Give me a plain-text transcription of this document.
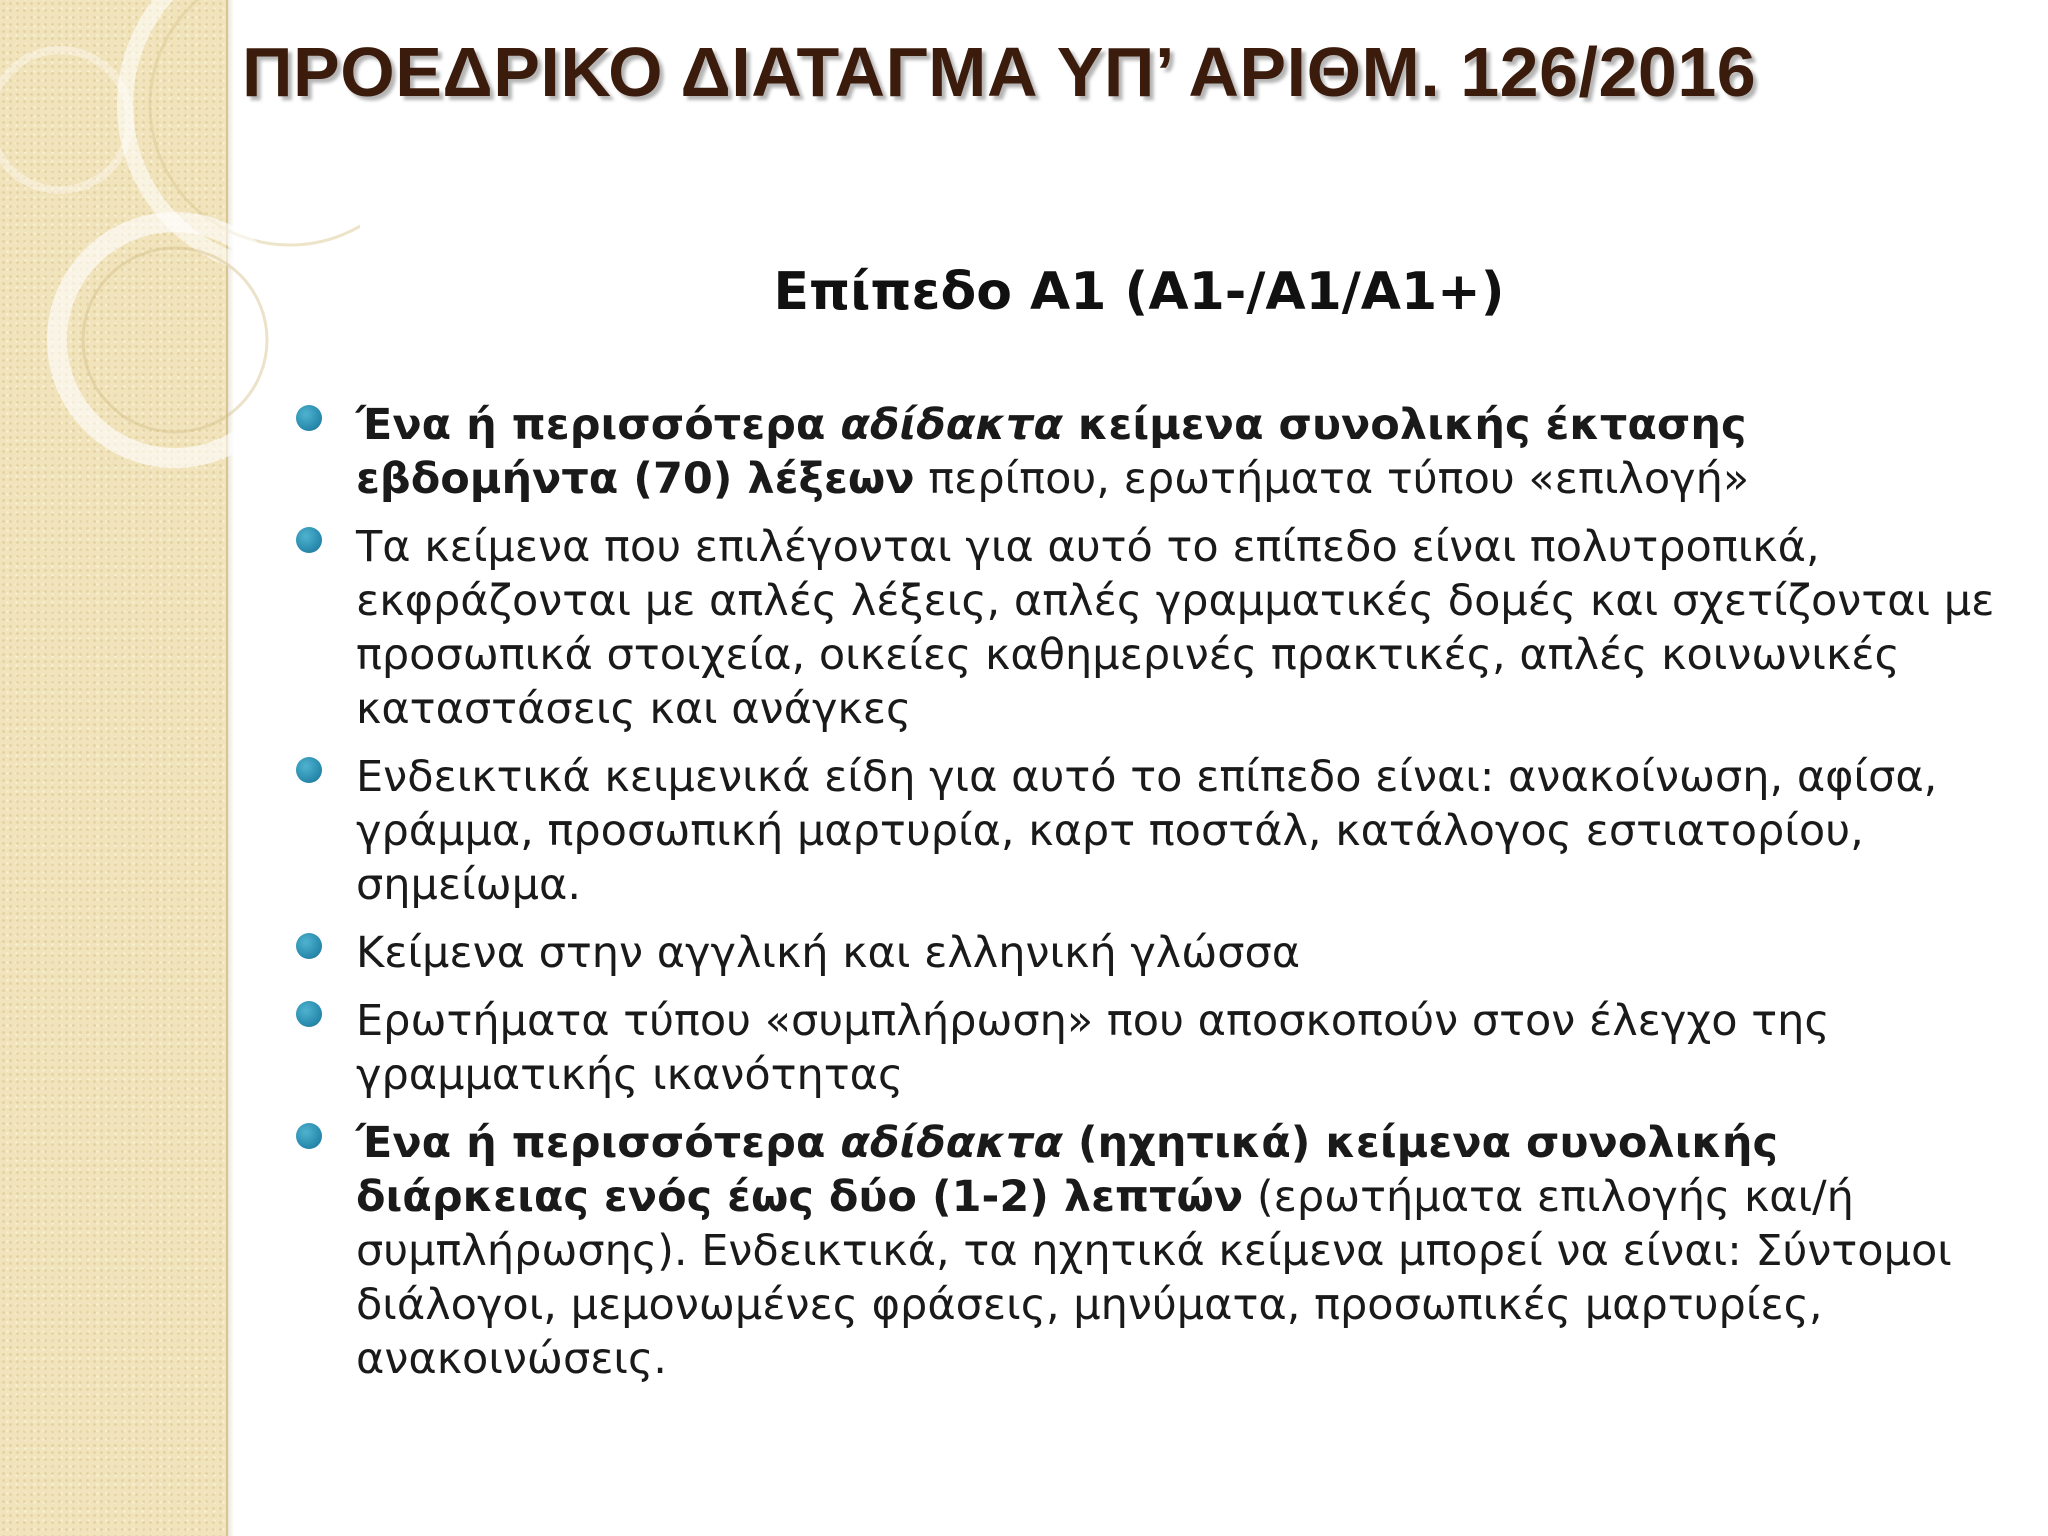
ΠΡΟΕΔΡΙΚΟ ΔΙΑΤΑΓΜΑ ΥΠ’ ΑΡΙΘΜ. 126/2016
Επίπεδο Α1 (Α1-/Α1/Α1+)
Ένα ή περισσότερα αδίδακτα κείμενα συνολικής έκτασης εβδομήντα (70) λέξεων περίπου, ερωτήματα τύπου «επιλογή»
Τα κείμενα που επιλέγονται για αυτό το επίπεδο είναι πολυτροπικά, εκφράζονται με απλές λέξεις, απλές γραμματικές δομές και σχετίζονται με προσωπικά στοιχεία, οικείες καθημερινές πρακτικές, απλές κοινωνικές καταστάσεις και ανάγκες
Ενδεικτικά κειμενικά είδη για αυτό το επίπεδο είναι: ανακοίνωση, αφίσα, γράμμα, προσωπική μαρτυρία, καρτ ποστάλ, κατάλογος εστιατορίου, σημείωμα.
Κείμενα στην αγγλική και ελληνική γλώσσα
Ερωτήματα τύπου «συμπλήρωση» που αποσκοπούν στον έλεγχο της γραμματικής ικανότητας
Ένα ή περισσότερα αδίδακτα (ηχητικά) κείμενα συνολικής διάρκειας ενός έως δύο (1-2) λεπτών (ερωτήματα επιλογής και/ή συμπλήρωσης). Ενδεικτικά, τα ηχητικά κείμενα μπορεί να είναι: Σύντομοι διάλογοι, μεμονωμένες φράσεις, μηνύματα, προσωπικές μαρτυρίες, ανακοινώσεις.
